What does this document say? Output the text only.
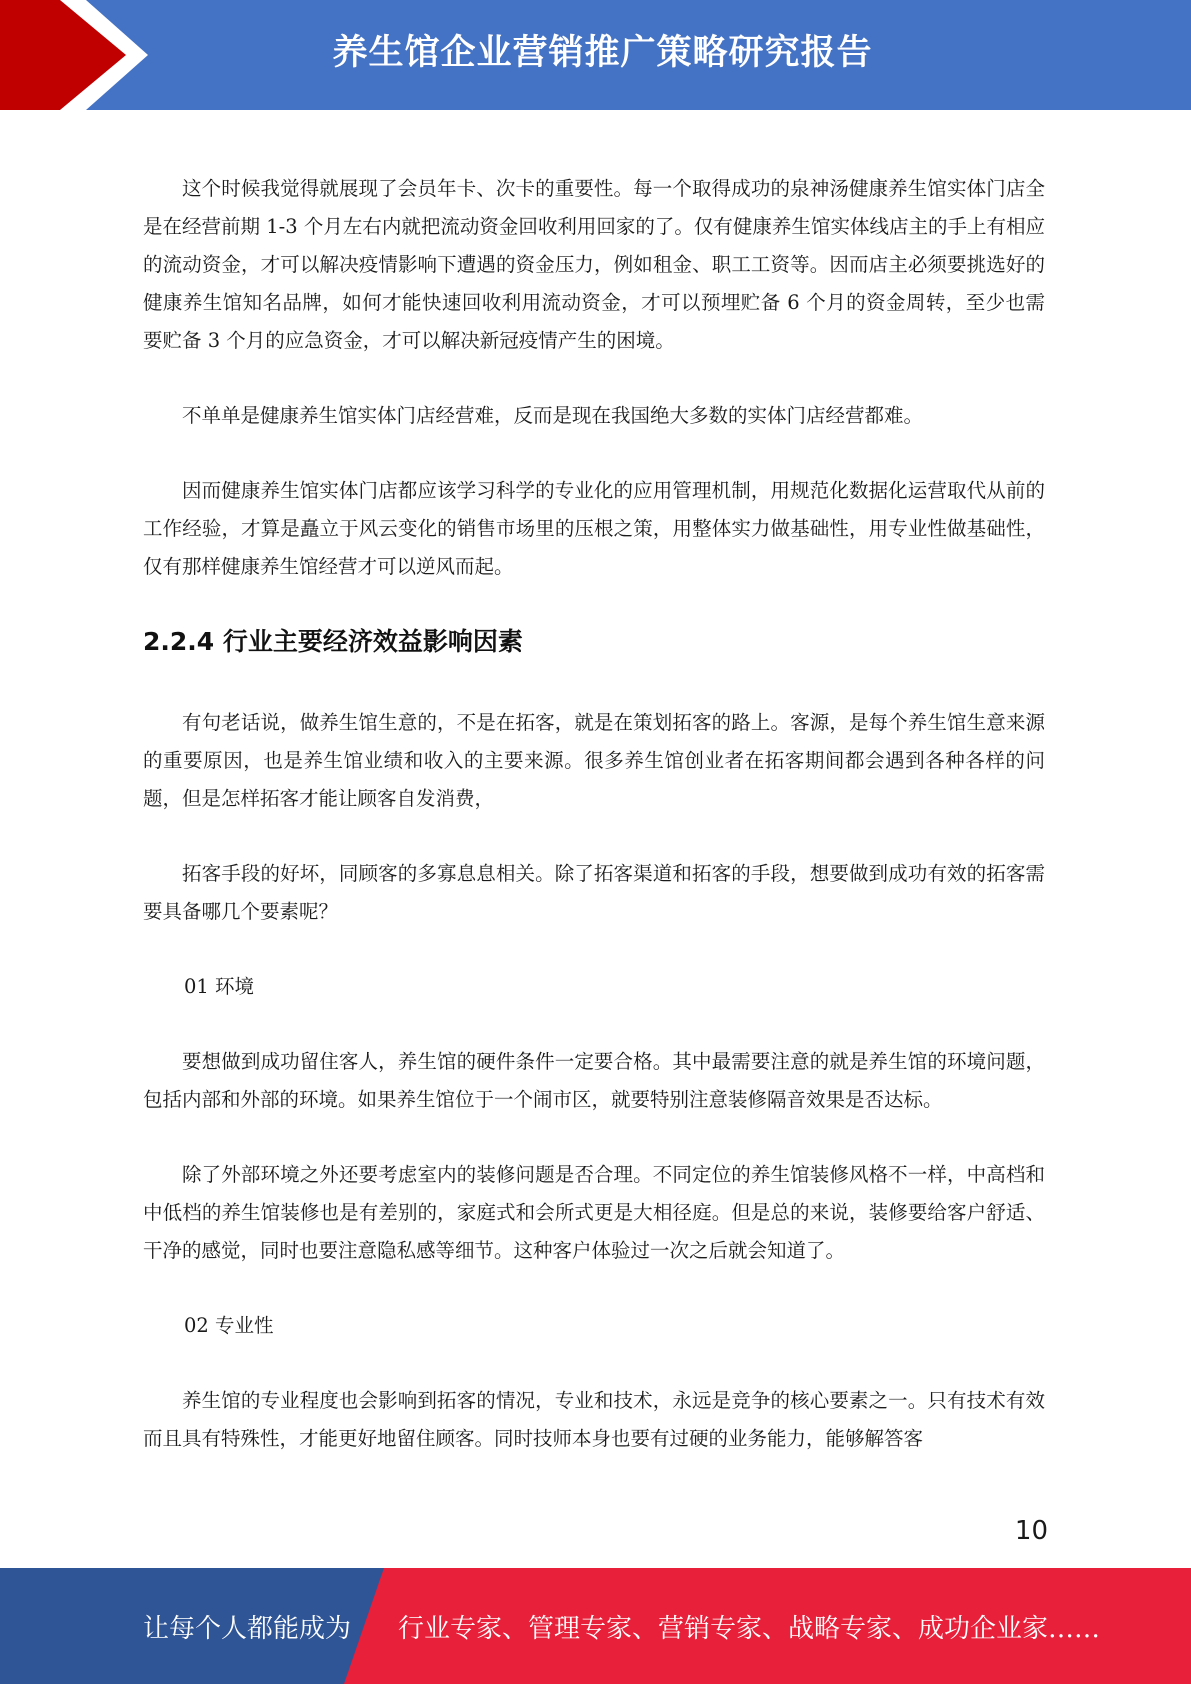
养生馆企业营销推广策略研究报告

这个时候我觉得就展现了会员年卡、次卡的重要性。每一个取得成功的泉神汤健康养生馆实体门店全是在经营前期 1-3 个月左右内就把流动资金回收利用回家的了。仅有健康养生馆实体线店主的手上有相应的流动资金，才可以解决疫情影响下遭遇的资金压力，例如租金、职工工资等。因而店主必须要挑选好的健康养生馆知名品牌，如何才能快速回收利用流动资金，才可以预埋贮备 6 个月的资金周转，至少也需要贮备 3 个月的应急资金，才可以解决新冠疫情产生的困境。

不单单是健康养生馆实体门店经营难，反而是现在我国绝大多数的实体门店经营都难。

因而健康养生馆实体门店都应该学习科学的专业化的应用管理机制，用规范化数据化运营取代从前的工作经验，才算是矗立于风云变化的销售市场里的压根之策，用整体实力做基础性，用专业性做基础性，仅有那样健康养生馆经营才可以逆风而起。

2.2.4 行业主要经济效益影响因素

有句老话说，做养生馆生意的，不是在拓客，就是在策划拓客的路上。客源，是每个养生馆生意来源的重要原因，也是养生馆业绩和收入的主要来源。很多养生馆创业者在拓客期间都会遇到各种各样的问题，但是怎样拓客才能让顾客自发消费，

拓客手段的好坏，同顾客的多寡息息相关。除了拓客渠道和拓客的手段，想要做到成功有效的拓客需要具备哪几个要素呢？

01 环境

要想做到成功留住客人，养生馆的硬件条件一定要合格。其中最需要注意的就是养生馆的环境问题，包括内部和外部的环境。如果养生馆位于一个闹市区，就要特别注意装修隔音效果是否达标。

除了外部环境之外还要考虑室内的装修问题是否合理。不同定位的养生馆装修风格不一样，中高档和中低档的养生馆装修也是有差别的，家庭式和会所式更是大相径庭。但是总的来说，装修要给客户舒适、干净的感觉，同时也要注意隐私感等细节。这种客户体验过一次之后就会知道了。

02 专业性

养生馆的专业程度也会影响到拓客的情况，专业和技术，永远是竞争的核心要素之一。只有技术有效而且具有特殊性，才能更好地留住顾客。同时技师本身也要有过硬的业务能力，能够解答客

10
让每个人都能成为 行业专家、管理专家、营销专家、战略专家、成功企业家……
